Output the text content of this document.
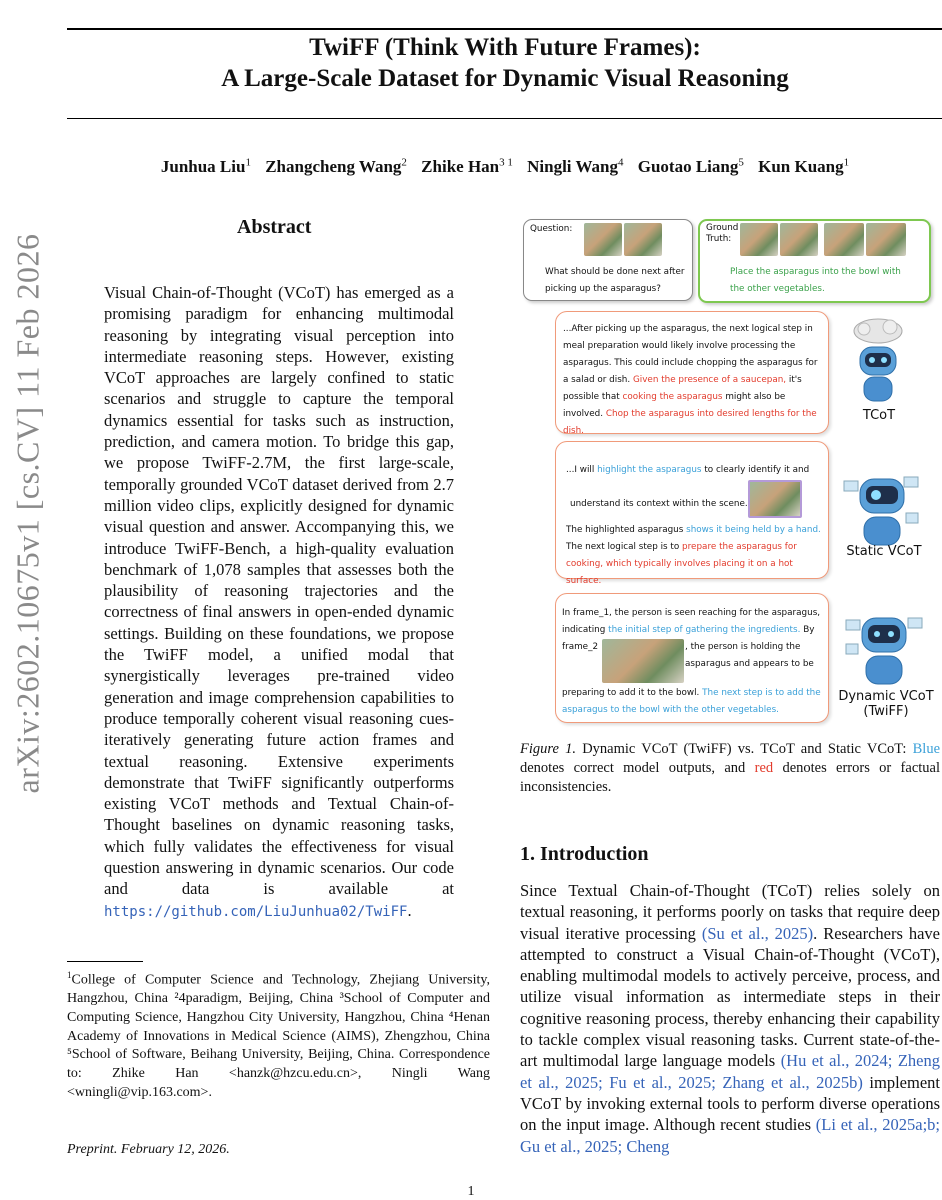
TwiFF (Think With Future Frames):
A Large-Scale Dataset for Dynamic Visual Reasoning
Junhua Liu$^1$ Zhangcheng Wang$^2$ Zhike Han$^{3 1}$ Ningli Wang$^4$ Guotao Liang$^5$ Kun Kuang$^1$
arXiv:2602.10675v1 [cs.CV] 11 Feb 2026
Abstract
Visual Chain-of-Thought (VCoT) has emerged as a promising paradigm for enhancing multimodal reasoning by integrating visual perception into intermediate reasoning steps. However, existing VCoT approaches are largely confined to static scenarios and struggle to capture the temporal dynamics essential for tasks such as instruction, prediction, and camera motion. To bridge this gap, we propose TwiFF-2.7M, the first large-scale, temporally grounded VCoT dataset derived from 2.7 million video clips, explicitly designed for dynamic visual question and answer. Accompanying this, we introduce TwiFF-Bench, a high-quality evaluation benchmark of 1,078 samples that assesses both the plausibility of reasoning trajectories and the correctness of final answers in open-ended dynamic settings. Building on these foundations, we propose the TwiFF model, a unified modal that synergistically leverages pre-trained video generation and image comprehension capabilities to produce temporally coherent visual reasoning cues-iteratively generating future action frames and textual reasoning. Extensive experiments demonstrate that TwiFF significantly outperforms existing VCoT methods and Textual Chain-of-Thought baselines on dynamic reasoning tasks, which fully validates the effectiveness for visual question answering in dynamic scenarios. Our code and data is available at https://github.com/LiuJunhua02/TwiFF.
$^1$College of Computer Science and Technology, Zhejiang University, Hangzhou, China ²4paradigm, Beijing, China ³School of Computer and Computing Science, Hangzhou City University, Hangzhou, China ⁴Henan Academy of Innovations in Medical Science (AIMS), Zhengzhou, China ⁵School of Software, Beihang University, Beijing, China. Correspondence to: Zhike Han <hanzk@hzcu.edu.cn>, Ningli Wang <wningli@vip.163.com>.
Preprint. February 12, 2026.
1
Question:
What should be done next after picking up the asparagus?
Ground Truth:
Place the asparagus into the bowl with the other vegetables.
...After picking up the asparagus, the next logical step in meal preparation would likely involve processing the asparagus. This could include chopping the asparagus for a salad or dish. Given the presence of a saucepan, it's possible that cooking the asparagus might also be involved. Chop the asparagus into desired lengths for the dish.
TCoT
...I will highlight the asparagus to clearly identify it and
understand its context within the scene.
The highlighted asparagus shows it being held by a hand. The next logical step is to prepare the asparagus for cooking, which typically involves placing it on a hot surface.
Static VCoT
In frame_1, the person is seen reaching for the asparagus, indicating the initial step of gathering the ingredients. By frame_2	, the person is holding the asparagus and appears to be
preparing to add it to the bowl. The next step is to add the asparagus to the bowl with the other vegetables.
Dynamic VCoT
(TwiFF)
Figure 1. Dynamic VCoT (TwiFF) vs. TCoT and Static VCoT: Blue denotes correct model outputs, and red denotes errors or factual inconsistencies.
1. Introduction
Since Textual Chain-of-Thought (TCoT) relies solely on textual reasoning, it performs poorly on tasks that require deep visual iterative processing (Su et al., 2025). Researchers have attempted to construct a Visual Chain-of-Thought (VCoT), enabling multimodal models to actively perceive, process, and utilize visual information as intermediate steps in their cognitive reasoning process, thereby enhancing their capability to tackle complex visual reasoning tasks. Current state-of-the-art multimodal large language models (Hu et al., 2024; Zheng et al., 2025; Fu et al., 2025; Zhang et al., 2025b) implement VCoT by invoking external tools to perform diverse operations on the input image. Although recent studies (Li et al., 2025a;b; Gu et al., 2025; Cheng
